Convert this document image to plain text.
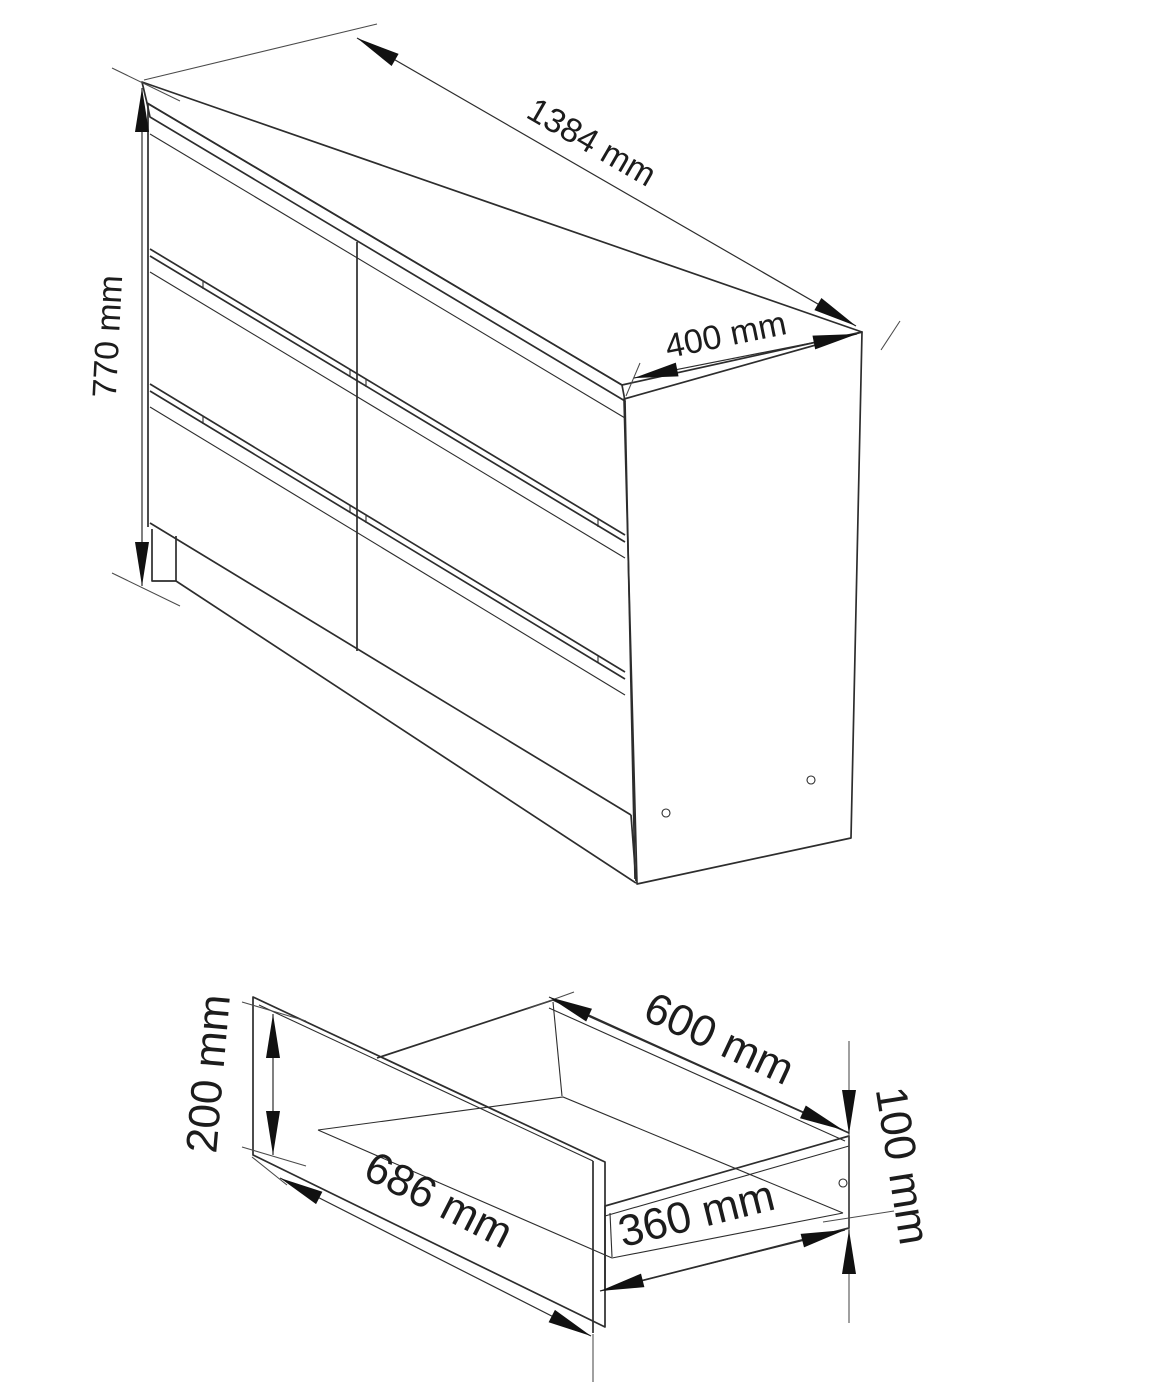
770 mm
1384 mm
400 mm
200 mm
686 mm
600 mm
360 mm 100 mm
